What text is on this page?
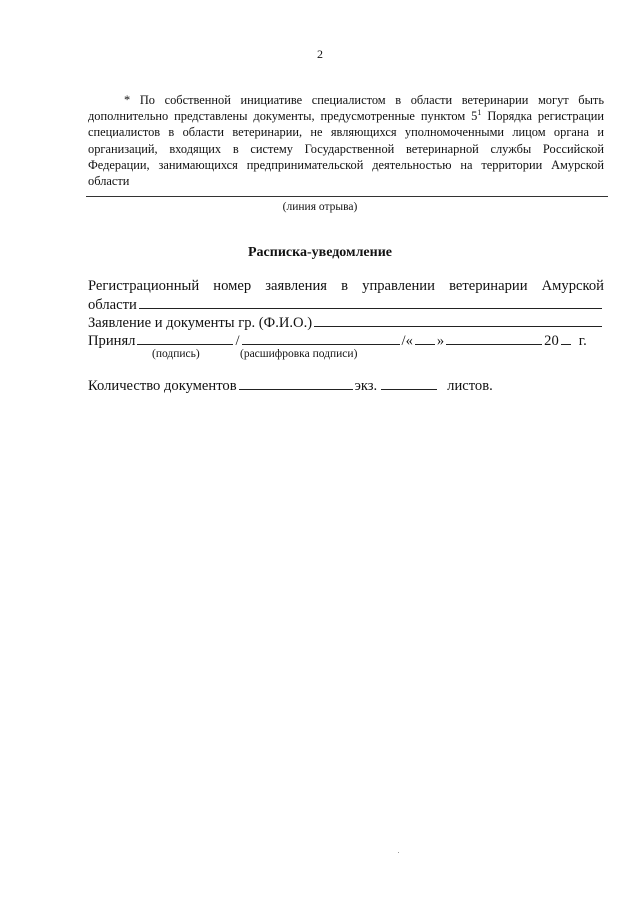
2
* По собственной инициативе специалистом в области ветеринарии могут быть дополнительно представлены документы, предусмотренные пунктом $5^1$ Порядка регистрации специалистов в области ветеринарии, не являющихся уполномоченными лицом органа и организаций, входящих в систему Государственной ветеринарной службы Российской Федерации, занимающихся предпринимательской деятельностью на территории Амурской области
(линия отрыва)
Расписка-уведомление
Регистрационный номер заявления в управлении ветеринарии Амурской
области
Заявление и документы гр. (Ф.И.О.)
Принял	/	/ « »	20 г.
(подпись)	(расшифровка подписи)
Количество документов	экз.	листов.
